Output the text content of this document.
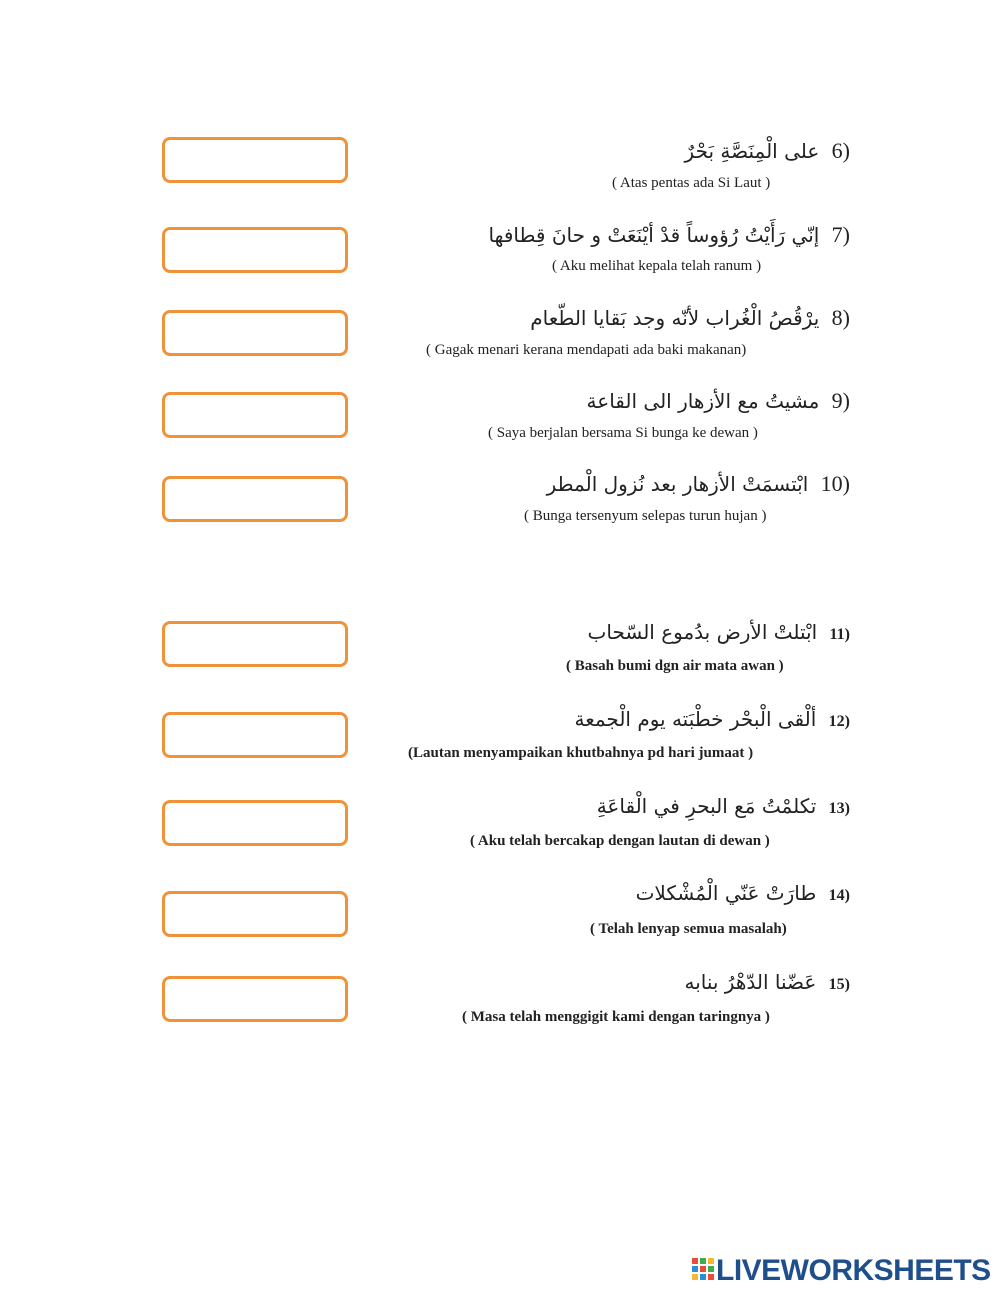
6) على الْمِنَصَّةِ بَحْرٌ
( Atas pentas ada Si Laut )
7) إنّي رَأَيْتُ رُؤوساً قدْ أيْنَعَتْ و حانَ قِطافها
( Aku melihat kepala telah ranum )
8) يرْقُصُ الْغُراب لأنّه وجد بَقايا الطّعام
( Gagak menari kerana mendapati ada baki makanan)
9) مشيتُ مع الأزهار الى القاعة
( Saya berjalan bersama Si bunga ke dewan )
10) ابْتسمَتْ الأزهار بعد نُزول الْمطر
( Bunga tersenyum selepas turun hujan )
11) ابْتلتْ الأرض بدُموع السّحاب
( Basah bumi dgn air mata awan )
12) ألْقى الْبحْر خطْبَته يوم الْجمعة
(Lautan menyampaikan khutbahnya pd hari jumaat )
13) تكلمْتُ مَع البحرِ في الْقاعَةِ
( Aku telah bercakap dengan lautan di dewan )
14) طارَتْ عَنّي الْمُشْكلات
( Telah lenyap semua masalah)
15) عَضّنا الدّهْرُ بنابه
( Masa telah menggigit kami dengan taringnya )
LIVEWORKSHEETS
